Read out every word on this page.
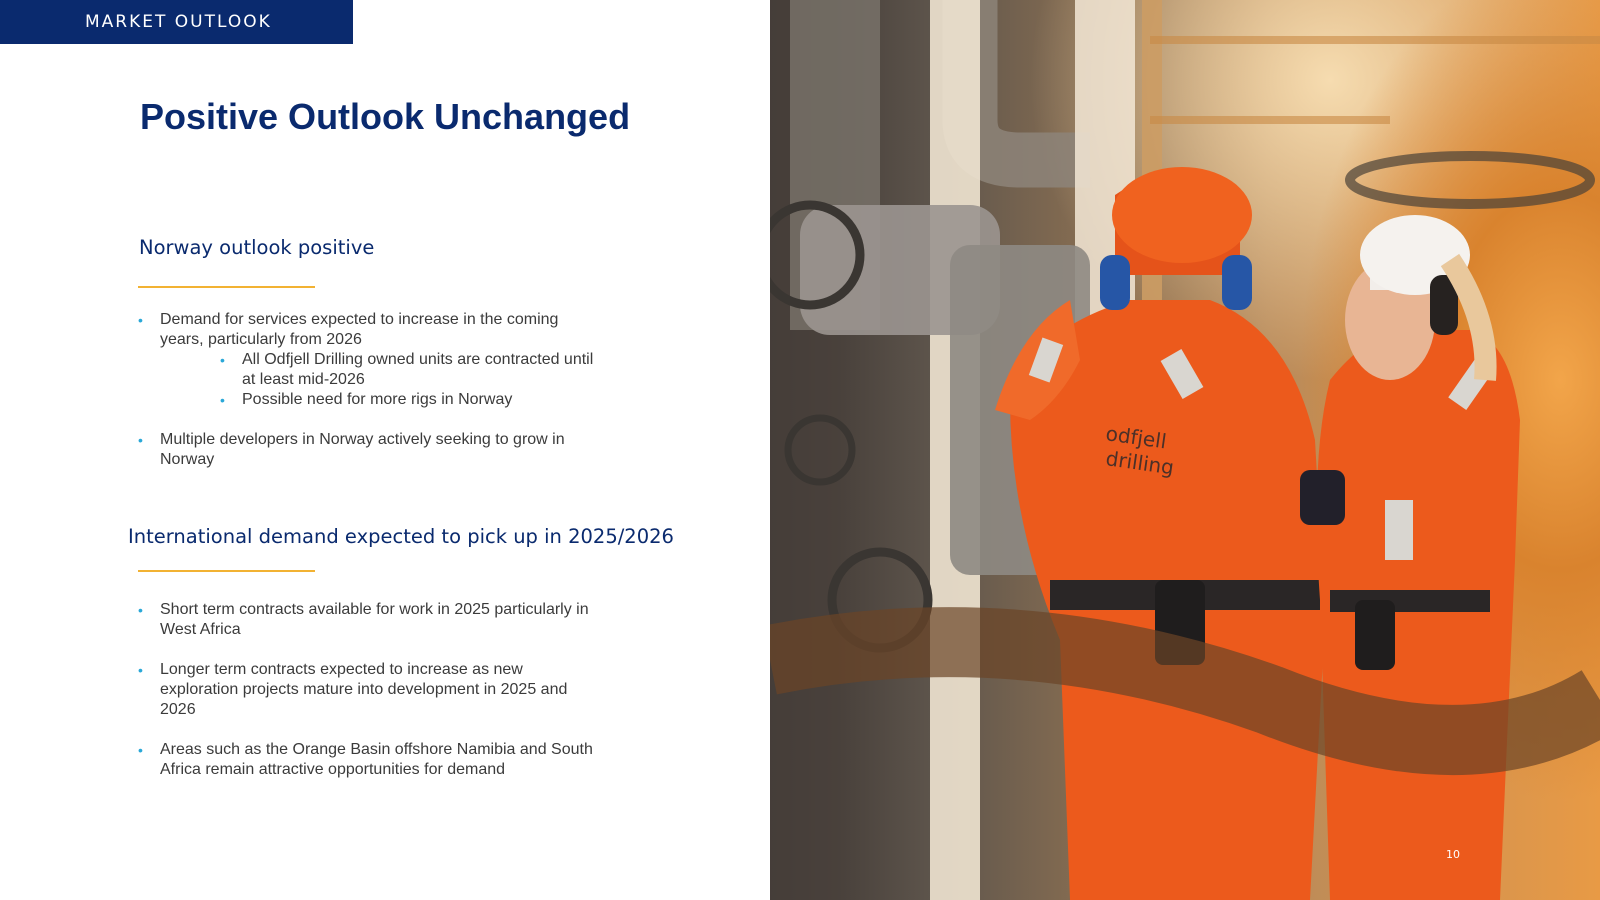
MARKET OUTLOOK
Positive Outlook Unchanged
Norway outlook positive
• Demand for services expected to increase in the coming years, particularly from 2026
• All Odfjell Drilling owned units are contracted until at least mid-2026
• Possible need for more rigs in Norway
• Multiple developers in Norway actively seeking to grow in Norway
International demand expected to pick up in 2025/2026
• Short term contracts available for work in 2025 particularly in West Africa
• Longer term contracts expected to increase as new exploration projects mature into development in 2025 and 2026
• Areas such as the Orange Basin offshore Namibia and South Africa remain attractive opportunities for demand
odfjell
drilling
10
